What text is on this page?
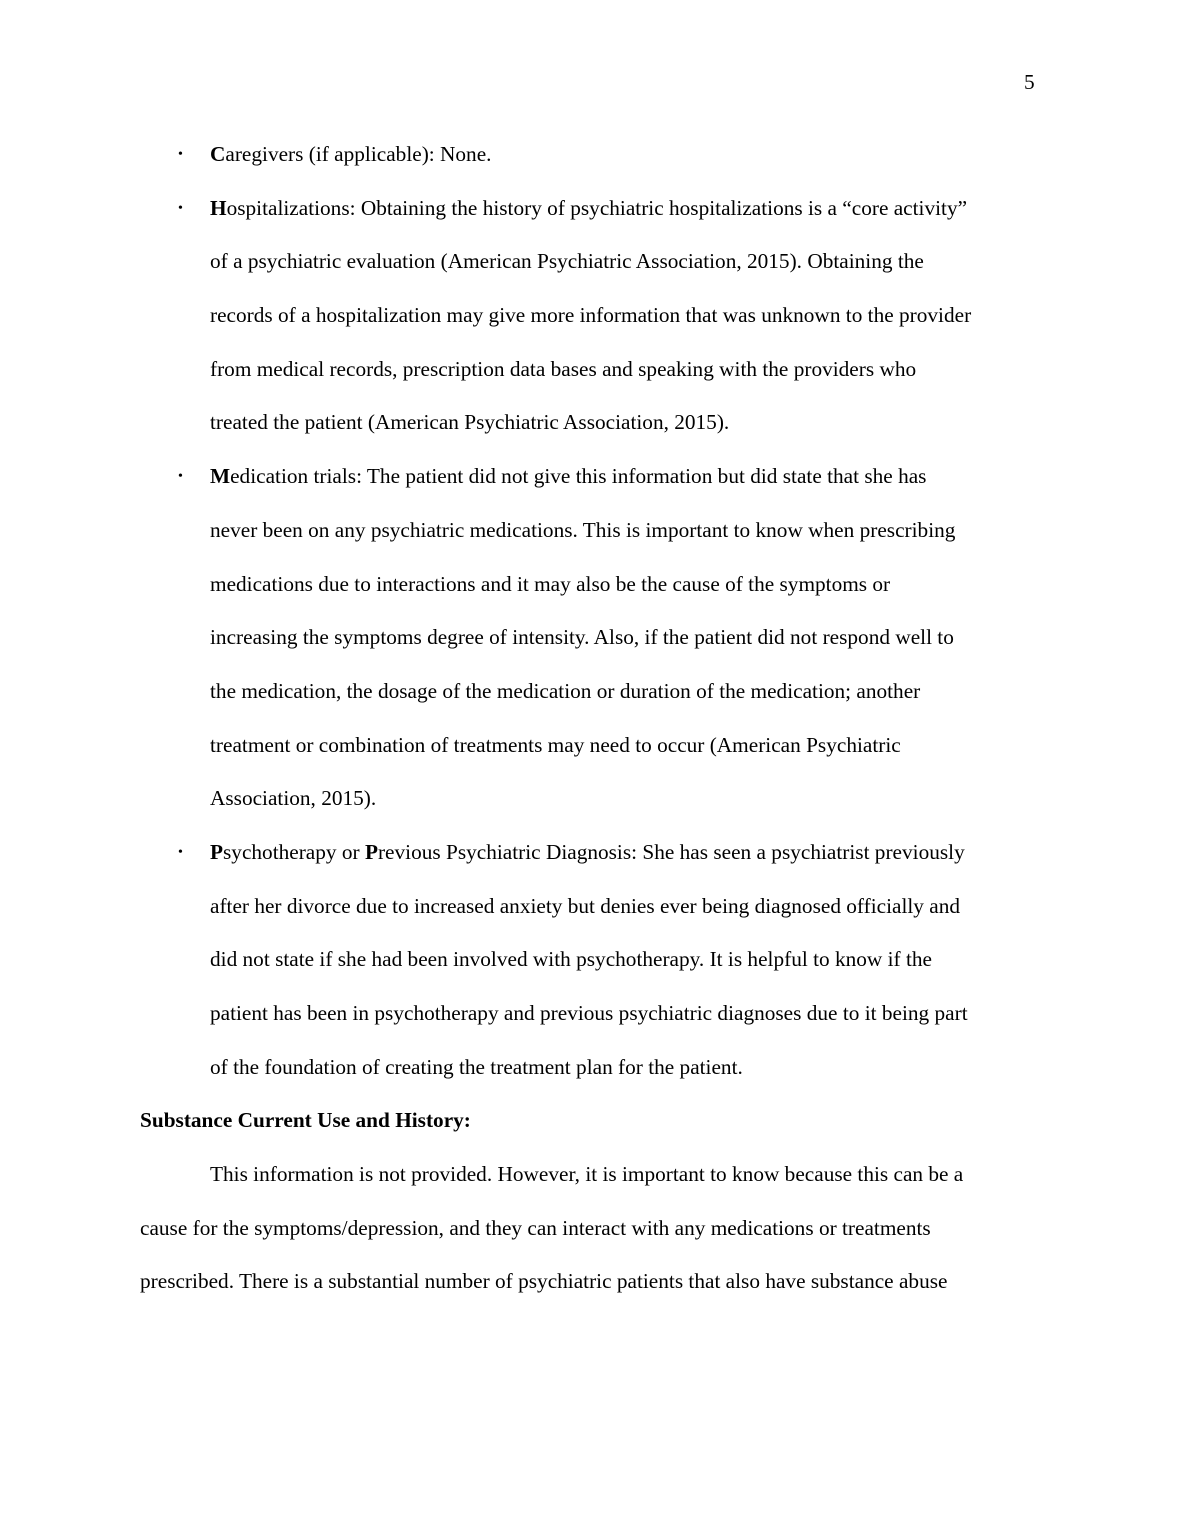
5
• Caregivers (if applicable): None.
• Hospitalizations: Obtaining the history of psychiatric hospitalizations is a “core activity”
of a psychiatric evaluation (American Psychiatric Association, 2015). Obtaining the
records of a hospitalization may give more information that was unknown to the provider
from medical records, prescription data bases and speaking with the providers who
treated the patient (American Psychiatric Association, 2015).
• Medication trials: The patient did not give this information but did state that she has
never been on any psychiatric medications. This is important to know when prescribing
medications due to interactions and it may also be the cause of the symptoms or
increasing the symptoms degree of intensity. Also, if the patient did not respond well to
the medication, the dosage of the medication or duration of the medication; another
treatment or combination of treatments may need to occur (American Psychiatric
Association, 2015).
• Psychotherapy or Previous Psychiatric Diagnosis: She has seen a psychiatrist previously
after her divorce due to increased anxiety but denies ever being diagnosed officially and
did not state if she had been involved with psychotherapy. It is helpful to know if the
patient has been in psychotherapy and previous psychiatric diagnoses due to it being part
of the foundation of creating the treatment plan for the patient.
Substance Current Use and History:
This information is not provided. However, it is important to know because this can be a
cause for the symptoms/depression, and they can interact with any medications or treatments
prescribed. There is a substantial number of psychiatric patients that also have substance abuse
